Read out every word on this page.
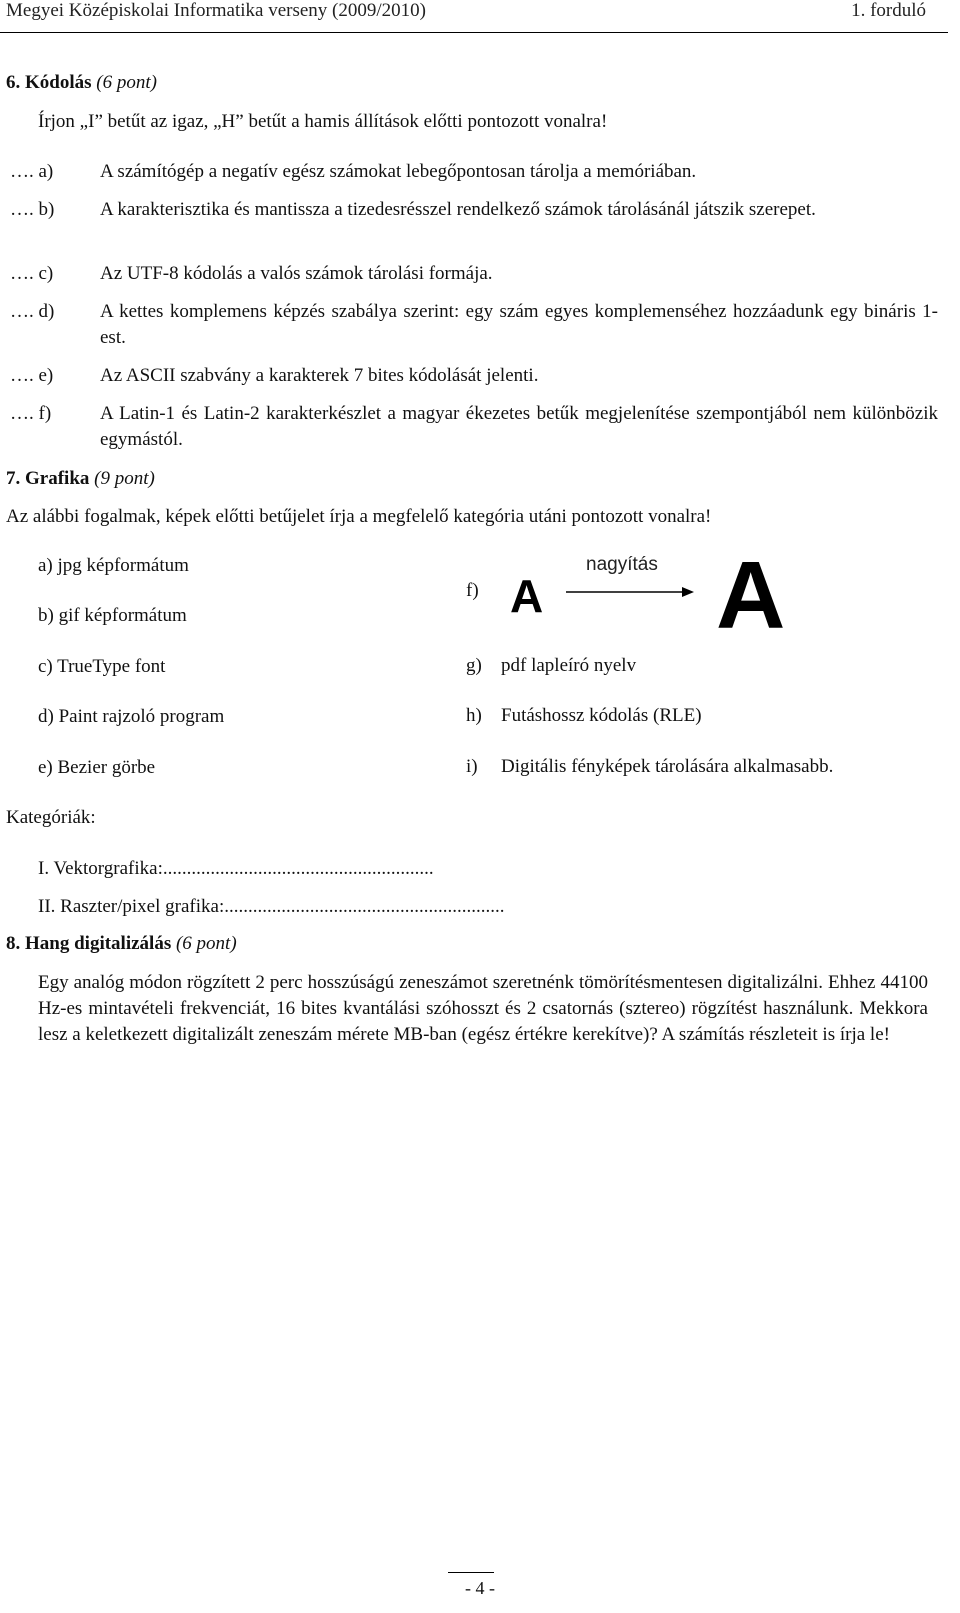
Megyei Középiskolai Informatika verseny (2009/2010)	1. forduló
6. Kódolás (6 pont)
Írjon „I” betűt az igaz, „H” betűt a hamis állítások előtti pontozott vonalra!
…. a) A számítógép a negatív egész számokat lebegőpontosan tárolja a memóriában.
…. b) A karakterisztika és mantissza a tizedesrésszel rendelkező számok tárolásánál játszik szerepet.
…. c) Az UTF-8 kódolás a valós számok tárolási formája.
…. d) A kettes komplemens képzés szabálya szerint: egy szám egyes komplemenséhez hozzáadunk egy bináris 1-est.
…. e) Az ASCII szabvány a karakterek 7 bites kódolását jelenti.
…. f)	A Latin-1 és Latin-2 karakterkészlet a magyar ékezetes betűk megjelenítése szempontjából nem különbözik egymástól.
7. Grafika (9 pont)
Az alábbi fogalmak, képek előtti betűjelet írja a megfelelő kategória utáni pontozott vonalra!
a) jpg képformátum
b) gif képformátum
c) TrueType font
d) Paint rajzoló program
e) Bezier görbe
f) A
nagyítás A
g) pdf lapleíró nyelv
h) Futáshossz kódolás (RLE)
i) Digitális fényképek tárolására alkalmasabb.
Kategóriák:
I. Vektorgrafika:.........................................................
II. Raszter/pixel grafika:...........................................................
8. Hang digitalizálás (6 pont)
Egy analóg módon rögzített 2 perc hosszúságú zeneszámot szeretnénk tömörítésmentesen digitalizálni. Ehhez 44100 Hz-es mintavételi frekvenciát, 16 bites kvantálási szóhosszt és 2 csatornás (sztereo) rögzítést használunk. Mekkora lesz a keletkezett digitalizált zeneszám mérete MB-ban (egész értékre kerekítve)? A számítás részleteit is írja le!
- 4 -
